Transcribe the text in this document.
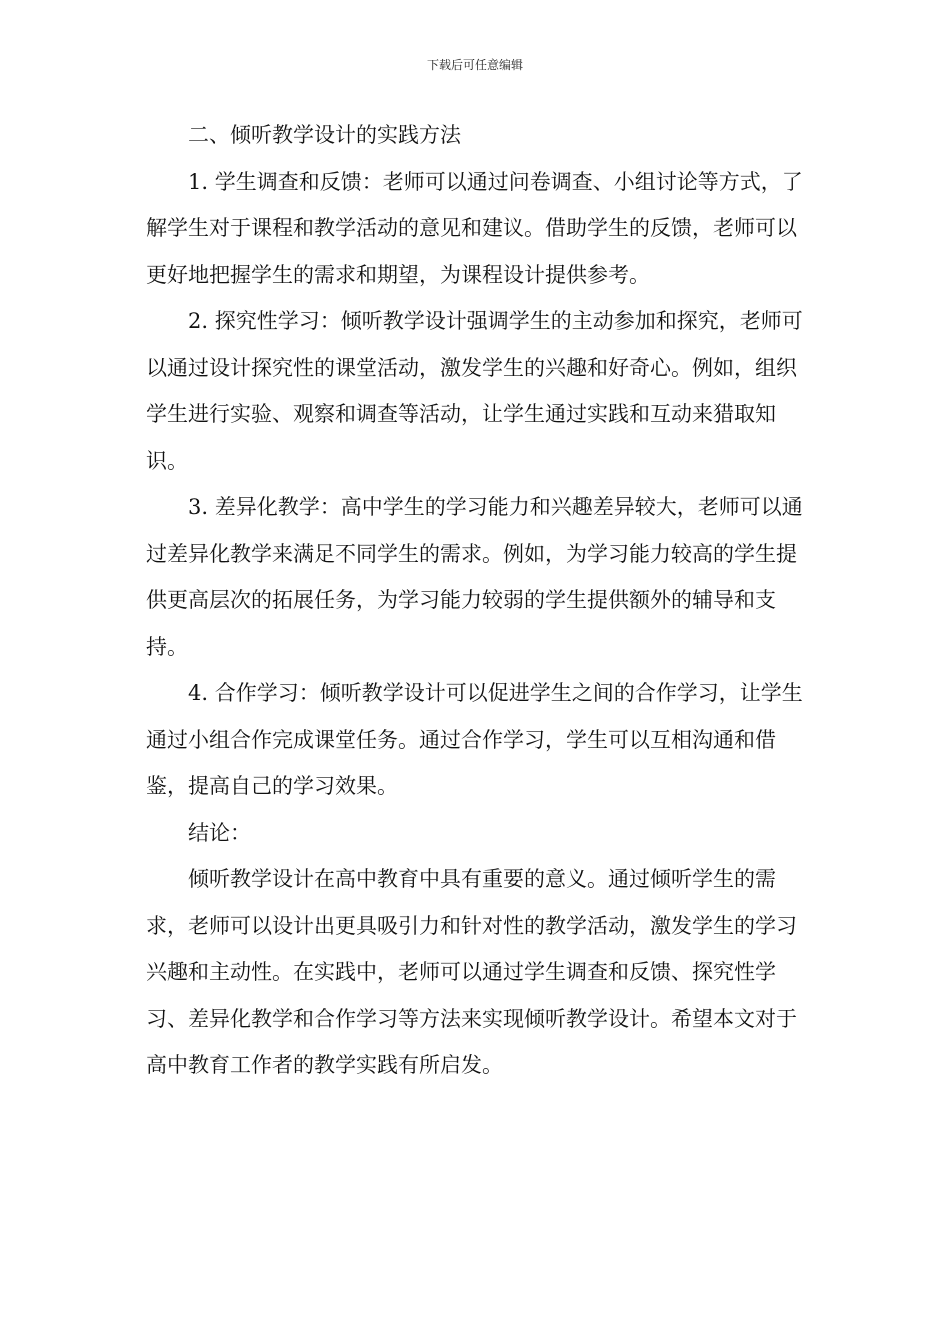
下载后可任意编辑

二、倾听教学设计的实践方法

1. 学生调查和反馈：老师可以通过问卷调查、小组讨论等方式，了解学生对于课程和教学活动的意见和建议。借助学生的反馈，老师可以更好地把握学生的需求和期望，为课程设计提供参考。

2. 探究性学习：倾听教学设计强调学生的主动参加和探究，老师可以通过设计探究性的课堂活动，激发学生的兴趣和好奇心。例如，组织学生进行实验、观察和调查等活动，让学生通过实践和互动来猎取知识。

3. 差异化教学：高中学生的学习能力和兴趣差异较大，老师可以通过差异化教学来满足不同学生的需求。例如，为学习能力较高的学生提供更高层次的拓展任务，为学习能力较弱的学生提供额外的辅导和支持。

4. 合作学习：倾听教学设计可以促进学生之间的合作学习，让学生通过小组合作完成课堂任务。通过合作学习，学生可以互相沟通和借鉴，提高自己的学习效果。

结论：

倾听教学设计在高中教育中具有重要的意义。通过倾听学生的需求，老师可以设计出更具吸引力和针对性的教学活动，激发学生的学习兴趣和主动性。在实践中，老师可以通过学生调查和反馈、探究性学习、差异化教学和合作学习等方法来实现倾听教学设计。希望本文对于高中教育工作者的教学实践有所启发。
